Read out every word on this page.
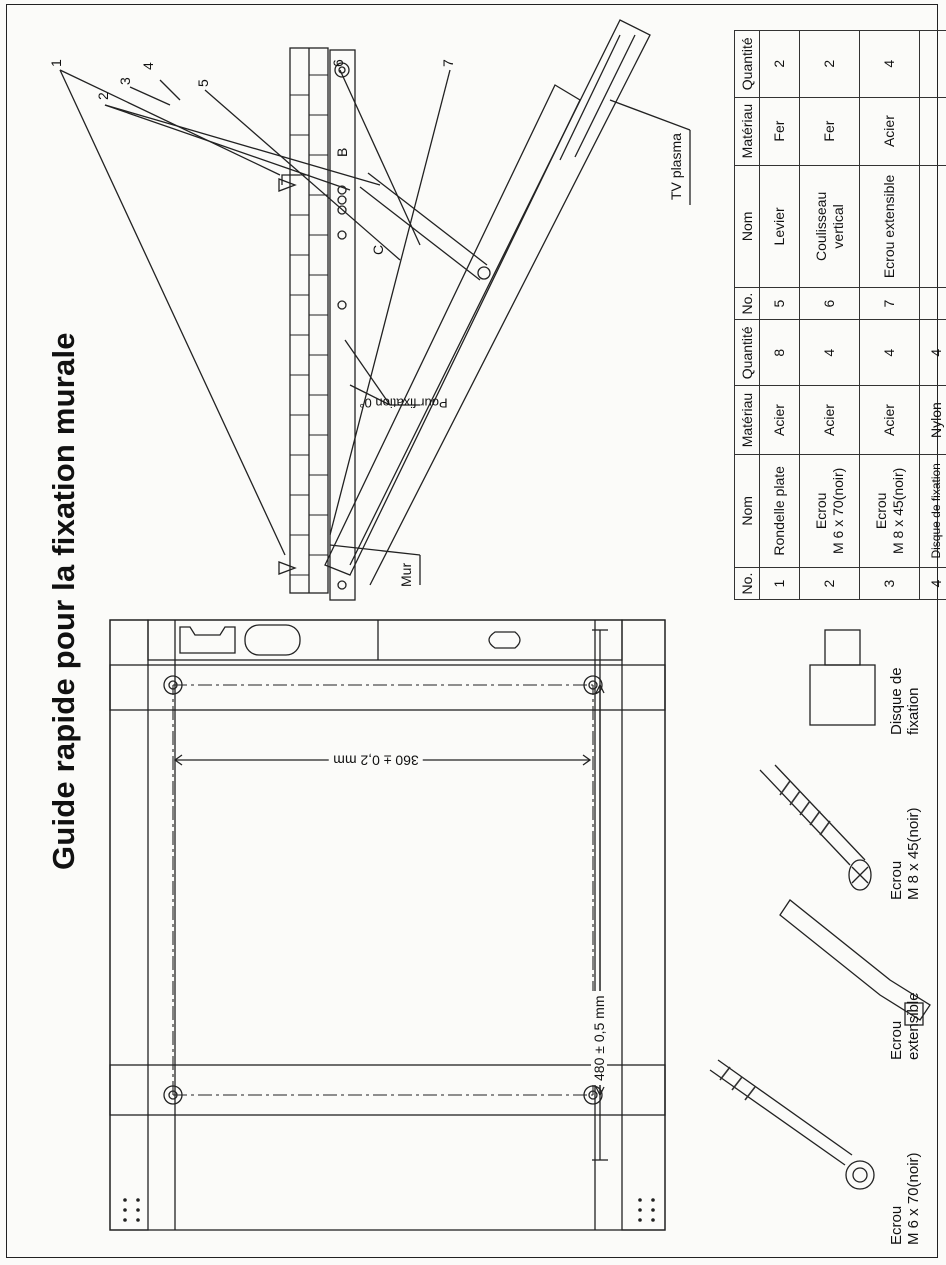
Guide rapide pour la fixation murale
480 ± 0,5 mm
360 ± 0,2 mm
TV plasma
Mur
Pour fixation 0°
1
2
3
4
5
6	7
B
C
Ecrou M 6 x 70(noir)
Ecrou extensible
Ecrou M 8 x 45(noir)
Disque de fixation
No.	Nom	Matériau	Quantité	No.	Nom	Matériau	Quantité
1	Rondelle plate	Acier	8	5	Levier	Fer	2
2	Ecrou
M 6 x 70(noir)	Acier	4	6	Coulisseau
vertical	Fer	2
3	Ecrou
M 8 x 45(noir)	Acier	4	7	Ecrou extensible	Acier	4
4	Disque de fixation	Nylon	4				
